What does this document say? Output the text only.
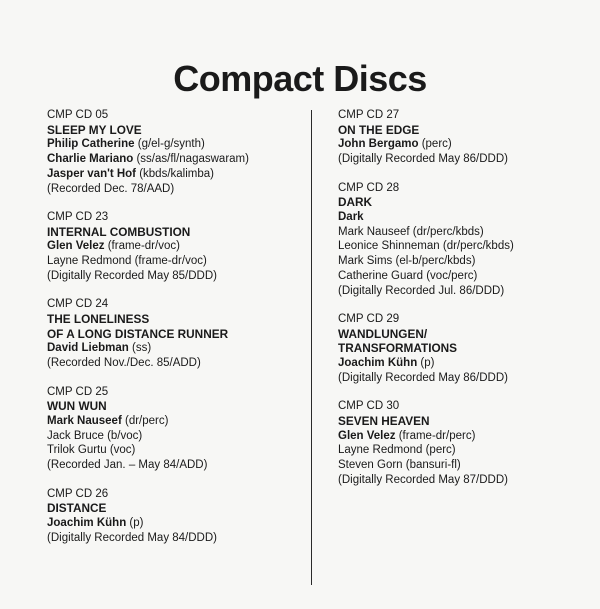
Compact Discs
CMP CD 05
SLEEP MY LOVE
Philip Catherine (g/el-g/synth)
Charlie Mariano (ss/as/fl/nagaswaram)
Jasper van't Hof (kbds/kalimba)
(Recorded Dec. 78/AAD)
CMP CD 23
INTERNAL COMBUSTION
Glen Velez (frame-dr/voc)
Layne Redmond (frame-dr/voc)
(Digitally Recorded May 85/DDD)
CMP CD 24
THE LONELINESS
OF A LONG DISTANCE RUNNER
David Liebman (ss)
(Recorded Nov./Dec. 85/ADD)
CMP CD 25
WUN WUN
Mark Nauseef (dr/perc)
Jack Bruce (b/voc)
Trilok Gurtu (voc)
(Recorded Jan. – May 84/ADD)
CMP CD 26
DISTANCE
Joachim Kühn (p)
(Digitally Recorded May 84/DDD)
CMP CD 27
ON THE EDGE
John Bergamo (perc)
(Digitally Recorded May 86/DDD)
CMP CD 28
DARK
Dark
Mark Nauseef (dr/perc/kbds)
Leonice Shinneman (dr/perc/kbds)
Mark Sims (el-b/perc/kbds)
Catherine Guard (voc/perc)
(Digitally Recorded Jul. 86/DDD)
CMP CD 29
WANDLUNGEN/
TRANSFORMATIONS
Joachim Kühn (p)
(Digitally Recorded May 86/DDD)
CMP CD 30
SEVEN HEAVEN
Glen Velez (frame-dr/perc)
Layne Redmond (perc)
Steven Gorn (bansuri-fl)
(Digitally Recorded May 87/DDD)
